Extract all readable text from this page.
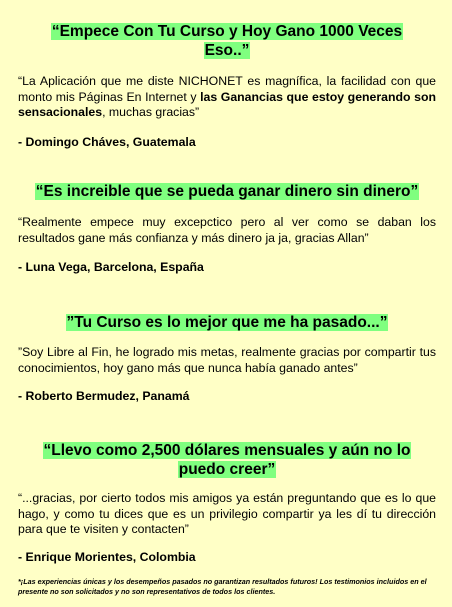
“Empece Con Tu Curso y Hoy Gano 1000 Veces Eso..”

“La Aplicación que me diste NICHONET es magnífica, la facilidad con que monto mis Páginas En Internet y las Ganancias que estoy generando son sensacionales, muchas gracias”

- Domingo Cháves, Guatemala

“Es increible que se pueda ganar dinero sin dinero”

“Realmente empece muy excepctico pero al ver como se daban los resultados gane más confianza y más dinero ja ja, gracias Allan”

- Luna Vega, Barcelona, España

”Tu Curso es lo mejor que me ha pasado...”

”Soy Libre al Fin, he logrado mis metas, realmente gracias por compartir tus conocimientos, hoy gano más que nunca había ganado antes”

- Roberto Bermudez, Panamá

“Llevo como 2,500 dólares mensuales y aún no lo puedo creer”

“...gracias, por cierto todos mis amigos ya están preguntando que es lo que hago, y como tu dices que es un privilegio compartir ya les dí tu dirección para que te visiten y contacten”

- Enrique Morientes, Colombia

*¡Las experiencias únicas y los desempeños pasados no garantizan resultados futuros! Los testimonios incluidos en el presente no son solicitados y no son representativos de todos los clientes.
